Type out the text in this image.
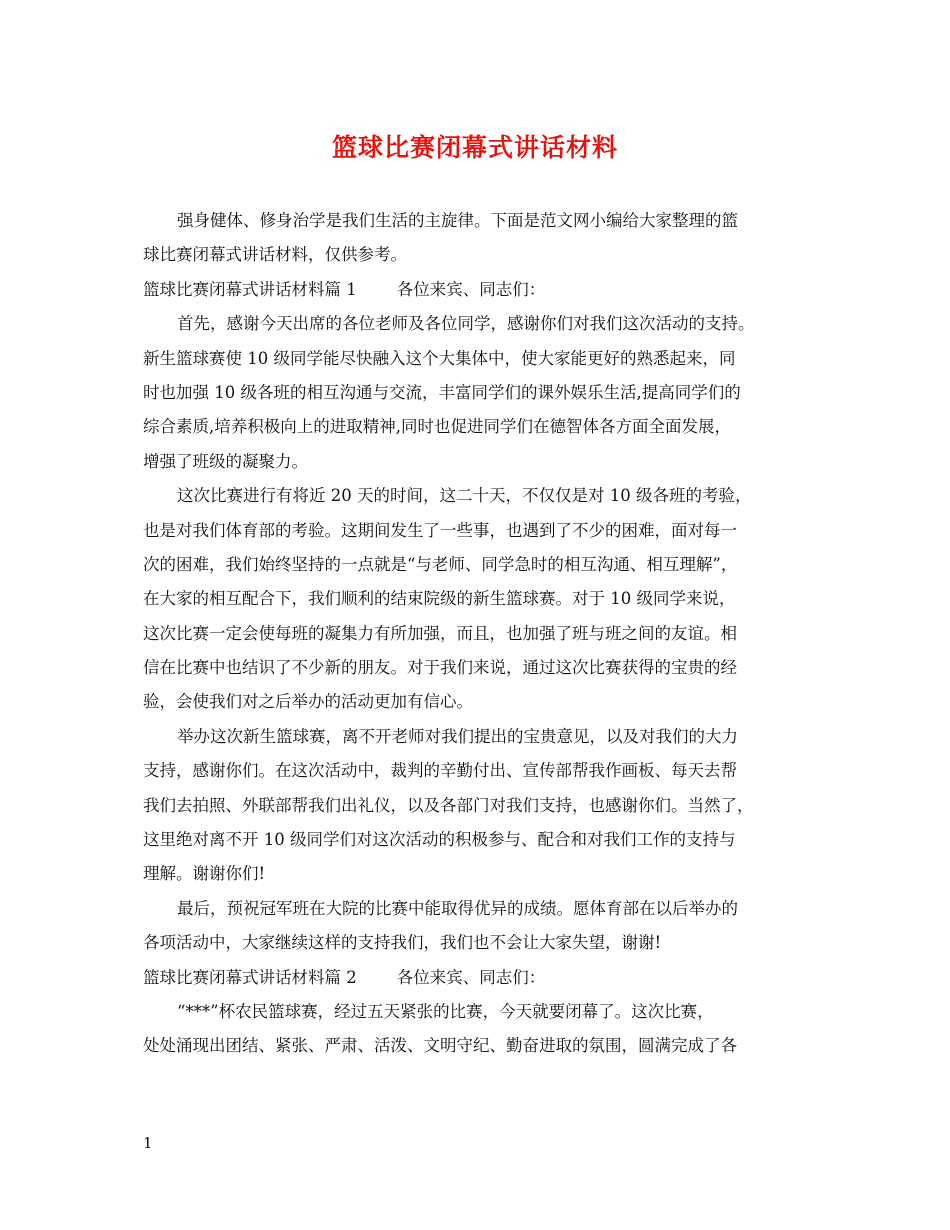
篮球比赛闭幕式讲话材料
强身健体、修身治学是我们生活的主旋律。下面是范文网小编给大家整理的篮
球比赛闭幕式讲话材料，仅供参考。
篮球比赛闭幕式讲话材料篇 1 各位来宾、同志们：
首先，感谢今天出席的各位老师及各位同学，感谢你们对我们这次活动的支持。
新生篮球赛使 10 级同学能尽快融入这个大集体中，使大家能更好的熟悉起来，同
时也加强 10 级各班的相互沟通与交流，丰富同学们的课外娱乐生活,提高同学们的
综合素质,培养积极向上的进取精神,同时也促进同学们在德智体各方面全面发展，
增强了班级的凝聚力。
这次比赛进行有将近 20 天的时间，这二十天，不仅仅是对 10 级各班的考验，
也是对我们体育部的考验。这期间发生了一些事，也遇到了不少的困难，面对每一
次的困难，我们始终坚持的一点就是“与老师、同学急时的相互沟通、相互理解”，
在大家的相互配合下，我们顺利的结束院级的新生篮球赛。对于 10 级同学来说，
这次比赛一定会使每班的凝集力有所加强，而且，也加强了班与班之间的友谊。相
信在比赛中也结识了不少新的朋友。对于我们来说，通过这次比赛获得的宝贵的经
验，会使我们对之后举办的活动更加有信心。
举办这次新生篮球赛，离不开老师对我们提出的宝贵意见，以及对我们的大力
支持，感谢你们。在这次活动中，裁判的辛勤付出、宣传部帮我作画板、每天去帮
我们去拍照、外联部帮我们出礼仪，以及各部门对我们支持，也感谢你们。当然了，
这里绝对离不开 10 级同学们对这次活动的积极参与、配合和对我们工作的支持与
理解。谢谢你们!
最后，预祝冠军班在大院的比赛中能取得优异的成绩。愿体育部在以后举办的
各项活动中，大家继续这样的支持我们，我们也不会让大家失望，谢谢!
篮球比赛闭幕式讲话材料篇 2 各位来宾、同志们：
“***”杯农民篮球赛，经过五天紧张的比赛，今天就要闭幕了。这次比赛，
处处涌现出团结、紧张、严肃、活泼、文明守纪、勤奋进取的氛围，圆满完成了各
1
